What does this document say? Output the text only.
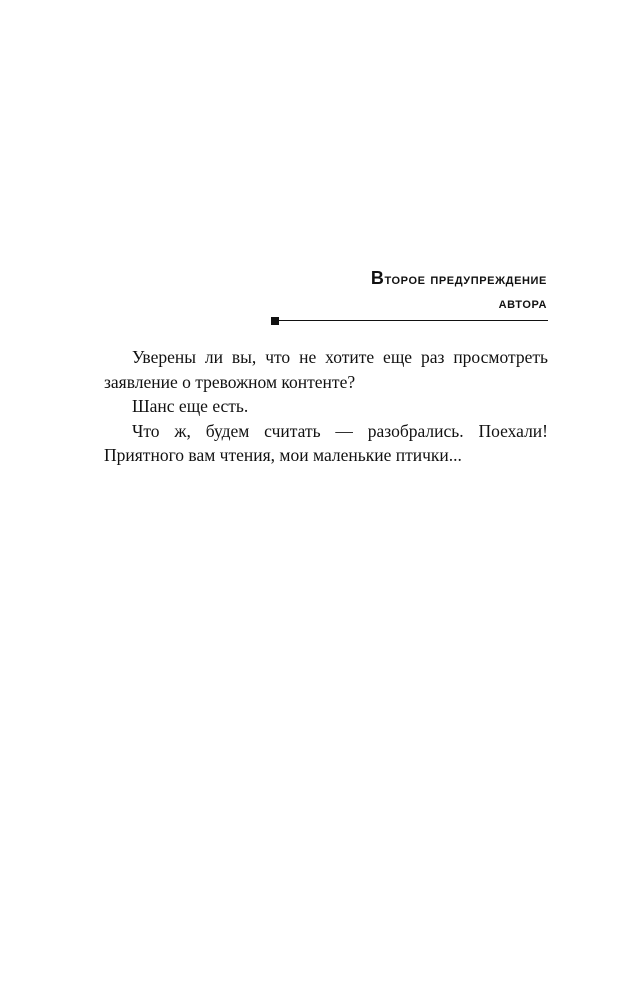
Второе предупреждение
автора

Уверены ли вы, что не хотите еще раз просмотреть заявление о тревожном контенте?

Шанс еще есть.

Что ж, будем считать — разобрались. Поехали! Приятного вам чтения, мои маленькие птички...
